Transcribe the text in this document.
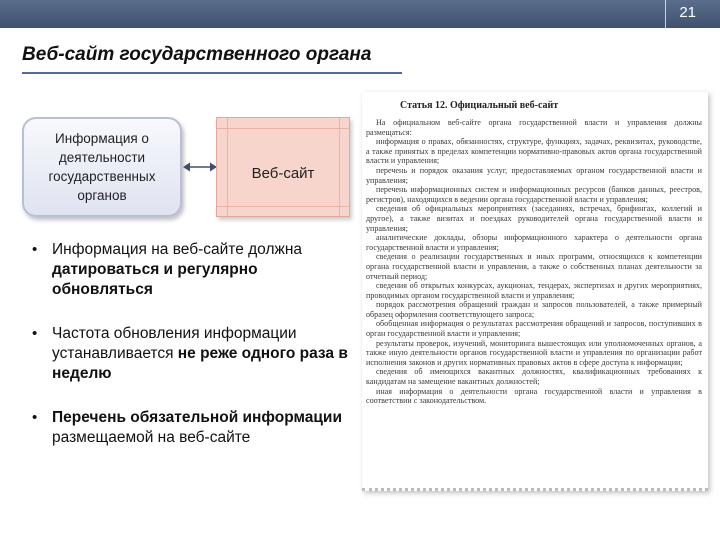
21
Веб-сайт государственного органа
Информация о деятельности государственных органов
Веб-сайт
• Информация на веб-сайте должна датироваться и регулярно обновляться
• Частота обновления информации устанавливается не реже одного раза в неделю
• Перечень обязательной информации размещаемой на веб-сайте
Статья 12. Официальный веб-сайт

На официальном веб-сайте органа государственной власти и управления должны размещаться:

информация о правах, обязанностях, структуре, функциях, задачах, реквизитах, руководстве, а также принятых в пределах компетенции нормативно-правовых актов органа государственной власти и управления;

перечень и порядок оказания услуг, предоставляемых органом государственной власти и управления;

перечень информационных систем и информационных ресурсов (банков данных, реестров, регистров), находящихся в ведении органа государственной власти и управления;

сведения об официальных мероприятиях (заседаниях, встречах, брифингах, коллегий и другое), а также визитах и поездках руководителей органа государственной власти и управления;

аналитические доклады, обзоры информационного характера о деятельности органа государственной власти и управления;

сведения о реализации государственных и иных программ, относящихся к компетенции органа государственной власти и управления, а также о собственных планах деятельности за отчетный период;

сведения об открытых конкурсах, аукционах, тендерах, экспертизах и других мероприятиях, проводимых органом государственной власти и управления;

порядок рассмотрения обращений граждан и запросов пользователей, а также примерный образец оформления соответствующего запроса;

обобщенная информация о результатах рассмотрения обращений и запросов, поступивших в орган государственной власти и управления;

результаты проверок, изучений, мониторинга вышестоящих или уполномоченных органов, а также иную деятельности органов государственной власти и управления по организации работ исполнения законов и других нормативных правовых актов в сфере доступа к информации;

сведения об имеющихся вакантных должностях, квалификационных требованиях к кандидатам на замещение вакантных должностей;

иная информация о деятельности органа государственной власти и управления в соответствии с законодательством.
